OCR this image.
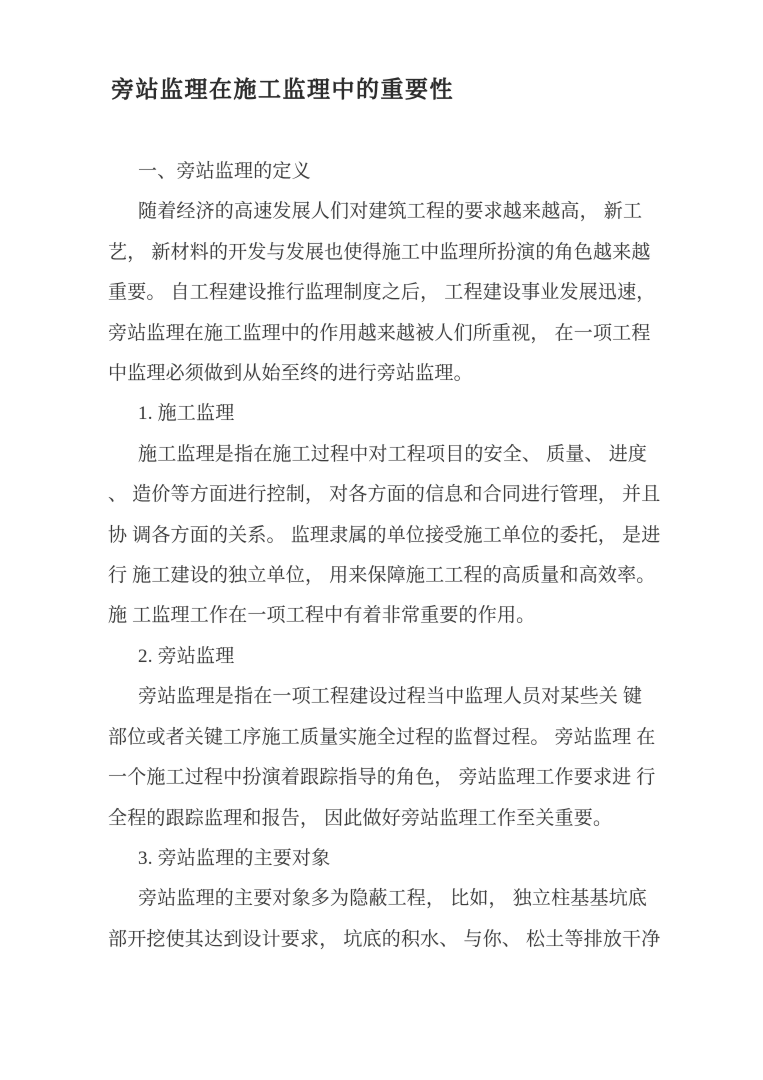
旁站监理在施工监理中的重要性
一、旁站监理的定义
随着经济的高速发展人们对建筑工程的要求越来越高， 新工
艺， 新材料的开发与发展也使得施工中监理所扮演的角色越来越
重要。 自工程建设推行监理制度之后， 工程建设事业发展迅速，
旁站监理在施工监理中的作用越来越被人们所重视， 在一项工程
中监理必须做到从始至终的进行旁站监理。
1. 施工监理
施工监理是指在施工过程中对工程项目的安全、 质量、 进度
、 造价等方面进行控制， 对各方面的信息和合同进行管理， 并且
协 调各方面的关系。 监理隶属的单位接受施工单位的委托， 是进
行 施工建设的独立单位， 用来保障施工工程的高质量和高效率。
施 工监理工作在一项工程中有着非常重要的作用。
2. 旁站监理
旁站监理是指在一项工程建设过程当中监理人员对某些关 键
部位或者关键工序施工质量实施全过程的监督过程。 旁站监理 在
一个施工过程中扮演着跟踪指导的角色， 旁站监理工作要求进 行
全程的跟踪监理和报告， 因此做好旁站监理工作至关重要。
3. 旁站监理的主要对象
旁站监理的主要对象多为隐蔽工程， 比如， 独立柱基基坑底
部开挖使其达到设计要求， 坑底的积水、 与你、 松土等排放干净
